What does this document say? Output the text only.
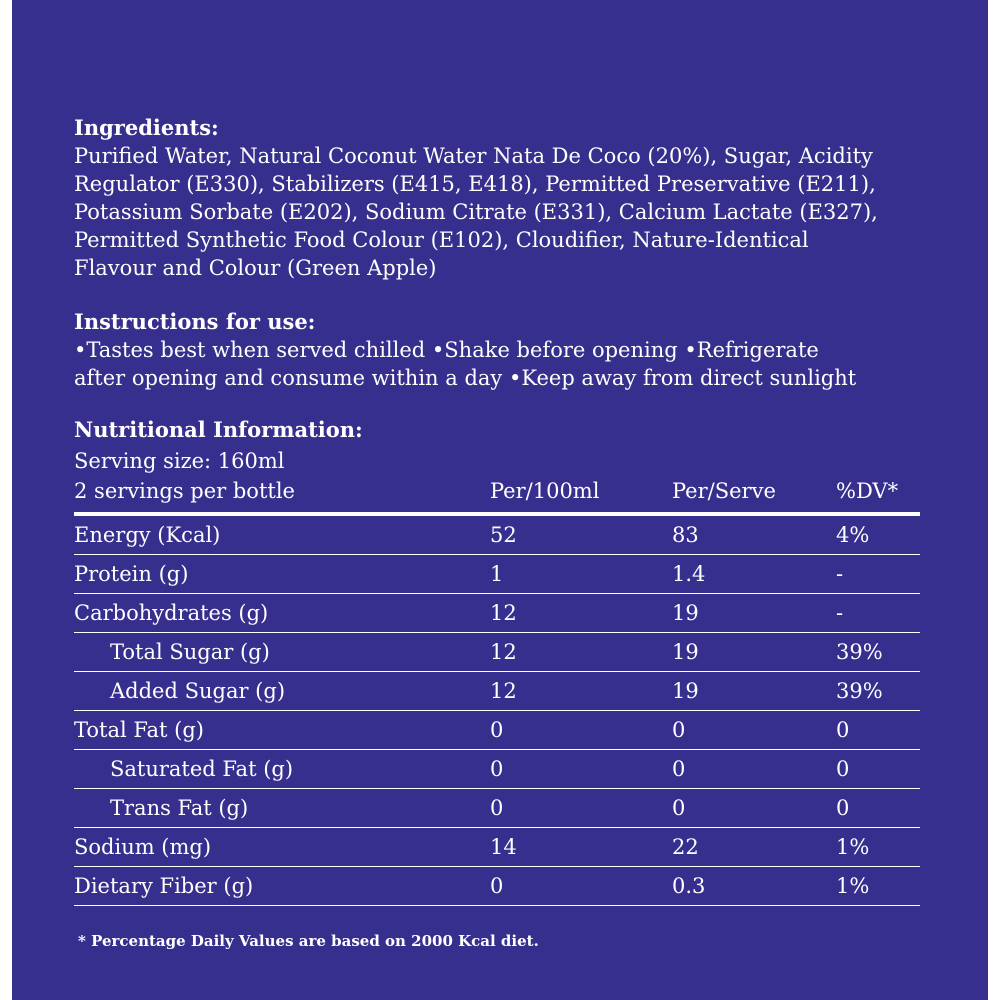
Ingredients:

Purified Water, Natural Coconut Water Nata De Coco (20%), Sugar, Acidity

Regulator (E330), Stabilizers (E415, E418), Permitted Preservative (E211),

Potassium Sorbate (E202), Sodium Citrate (E331), Calcium Lactate (E327),

Permitted Synthetic Food Colour (E102), Cloudifier, Nature-Identical

Flavour and Colour (Green Apple)

Instructions for use:

•Tastes best when served chilled •Shake before opening •Refrigerate

after opening and consume within a day •Keep away from direct sunlight

Nutritional Information:

Serving size: 160ml
2 servings per bottle	Per/100ml	Per/Serve	%DV*
Energy (Kcal)	52	83	4%
Protein (g)	1	1.4	-
Carbohydrates (g)	12	19	-
Total Sugar (g)	12	19	39%
Added Sugar (g)	12	19	39%
Total Fat (g)	0	0	0
Saturated Fat (g)	0	0	0
Trans Fat (g)	0	0	0
Sodium (mg)	14	22	1%
Dietary Fiber (g)	0	0.3	1%
* Percentage Daily Values are based on 2000 Kcal diet.
